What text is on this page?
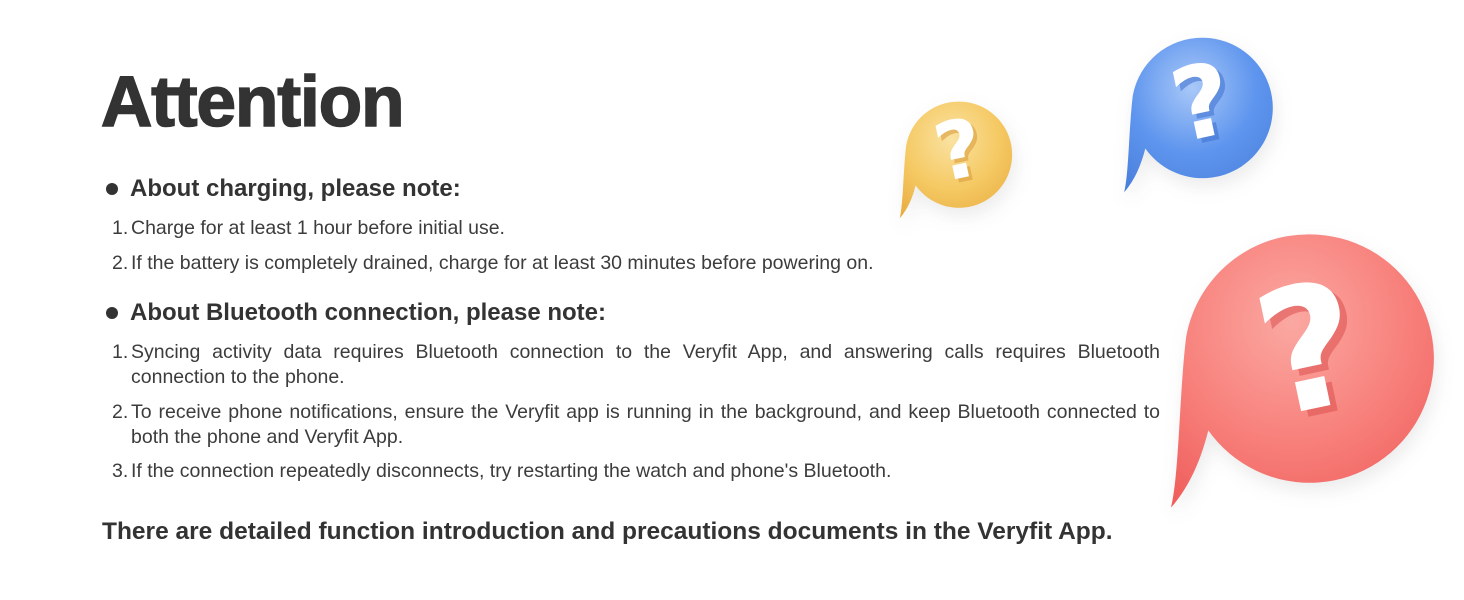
Attention
About charging, please note:
1. Charge for at least 1 hour before initial use.
2. If the battery is completely drained, charge for at least 30 minutes before powering on.
About Bluetooth connection, please note:
1. Syncing activity data requires Bluetooth connection to the Veryfit App, and answering calls requires Bluetooth connection to the phone.
2. To receive phone notifications, ensure the Veryfit app is running in the background, and keep Bluetooth connected to both the phone and Veryfit App.
3. If the connection repeatedly disconnects, try restarting the watch and phone's Bluetooth.
There are detailed function introduction and precautions documents in the Veryfit App.
? ?
?
